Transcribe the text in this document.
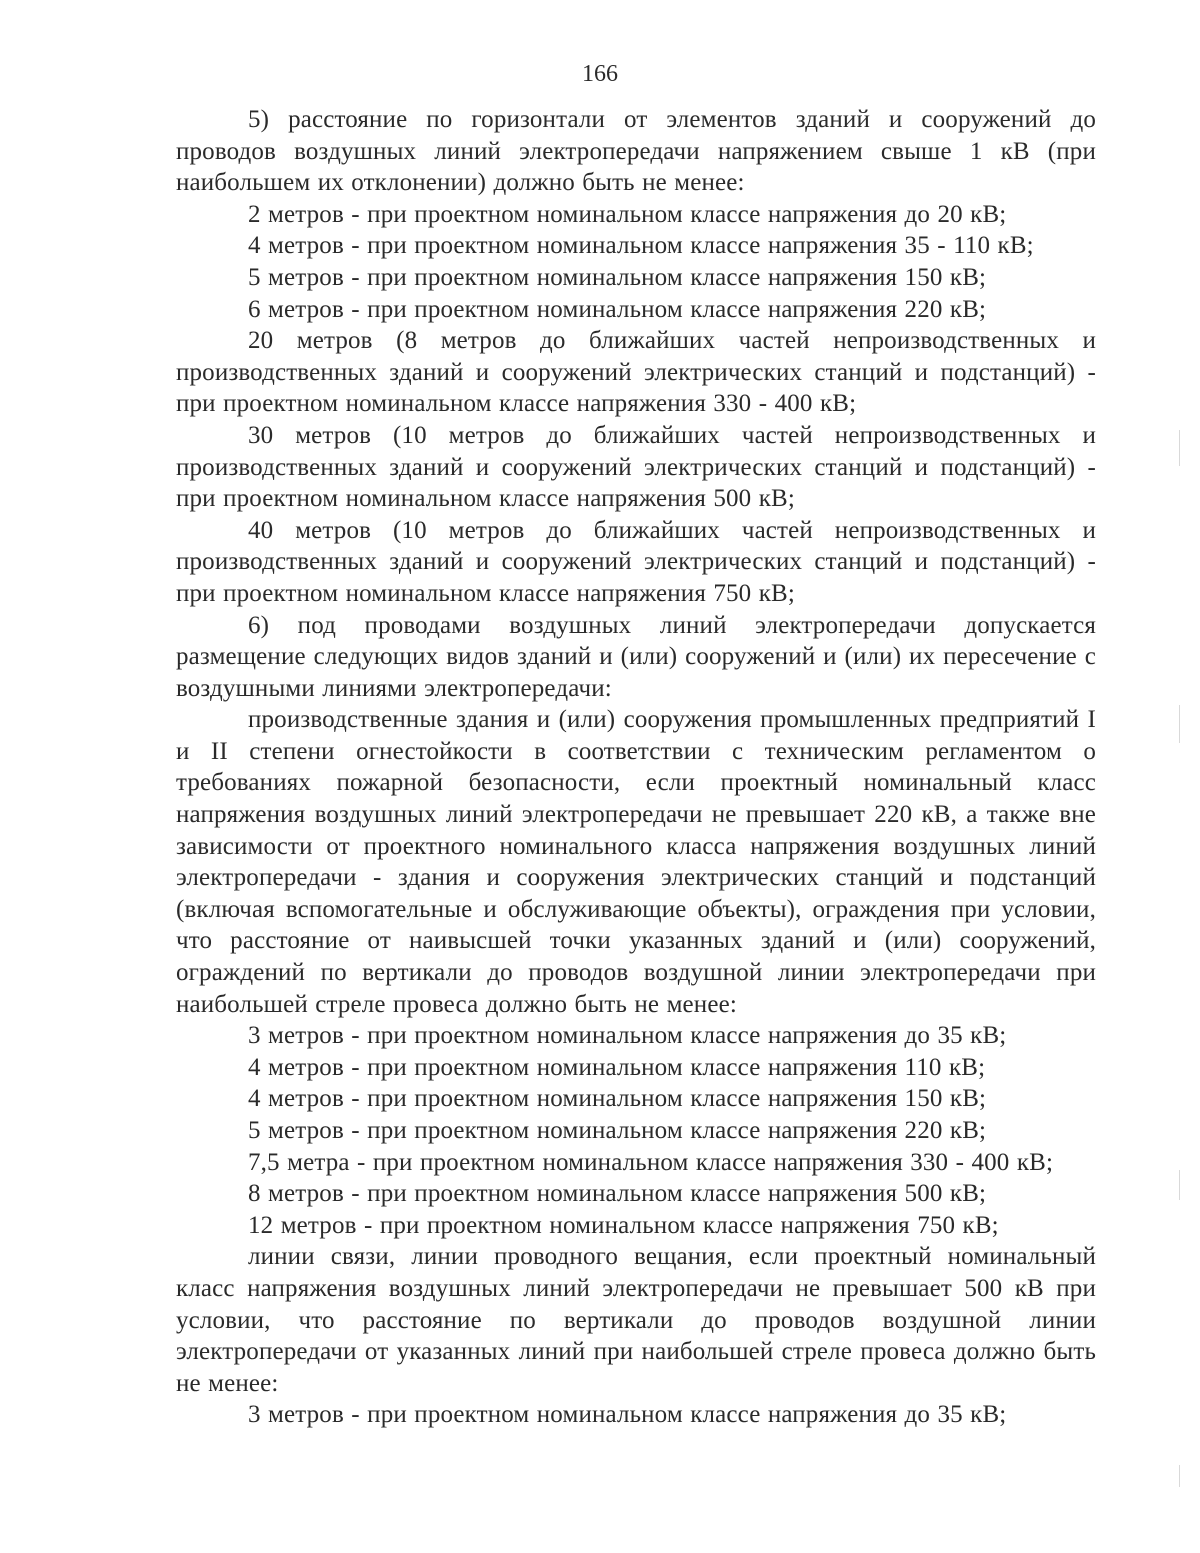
166

5) расстояние по горизонтали от элементов зданий и сооружений до проводов воздушных линий электропередачи напряжением свыше 1 кВ (при наибольшем их отклонении) должно быть не менее:

2 метров - при проектном номинальном классе напряжения до 20 кВ;

4 метров - при проектном номинальном классе напряжения 35 - 110 кВ;

5 метров - при проектном номинальном классе напряжения 150 кВ;

6 метров - при проектном номинальном классе напряжения 220 кВ;

20 метров (8 метров до ближайших частей непроизводственных и производственных зданий и сооружений электрических станций и подстанций) - при проектном номинальном классе напряжения 330 - 400 кВ;

30 метров (10 метров до ближайших частей непроизводственных и производственных зданий и сооружений электрических станций и подстанций) - при проектном номинальном классе напряжения 500 кВ;

40 метров (10 метров до ближайших частей непроизводственных и производственных зданий и сооружений электрических станций и подстанций) - при проектном номинальном классе напряжения 750 кВ;

6) под проводами воздушных линий электропередачи допускается размещение следующих видов зданий и (или) сооружений и (или) их пересечение с воздушными линиями электропередачи:

производственные здания и (или) сооружения промышленных предприятий I и II степени огнестойкости в соответствии с техническим регламентом о требованиях пожарной безопасности, если проектный номинальный класс напряжения воздушных линий электропередачи не превышает 220 кВ, а также вне зависимости от проектного номинального класса напряжения воздушных линий электропередачи - здания и сооружения электрических станций и подстанций (включая вспомогательные и обслуживающие объекты), ограждения при условии, что расстояние от наивысшей точки указанных зданий и (или) сооружений, ограждений по вертикали до проводов воздушной линии электропередачи при наибольшей стреле провеса должно быть не менее:

3 метров - при проектном номинальном классе напряжения до 35 кВ;

4 метров - при проектном номинальном классе напряжения 110 кВ;

4 метров - при проектном номинальном классе напряжения 150 кВ;

5 метров - при проектном номинальном классе напряжения 220 кВ;

7,5 метра - при проектном номинальном классе напряжения 330 - 400 кВ;

8 метров - при проектном номинальном классе напряжения 500 кВ;

12 метров - при проектном номинальном классе напряжения 750 кВ;

линии связи, линии проводного вещания, если проектный номинальный класс напряжения воздушных линий электропередачи не превышает 500 кВ при условии, что расстояние по вертикали до проводов воздушной линии электропередачи от указанных линий при наибольшей стреле провеса должно быть не менее:

3 метров - при проектном номинальном классе напряжения до 35 кВ;
